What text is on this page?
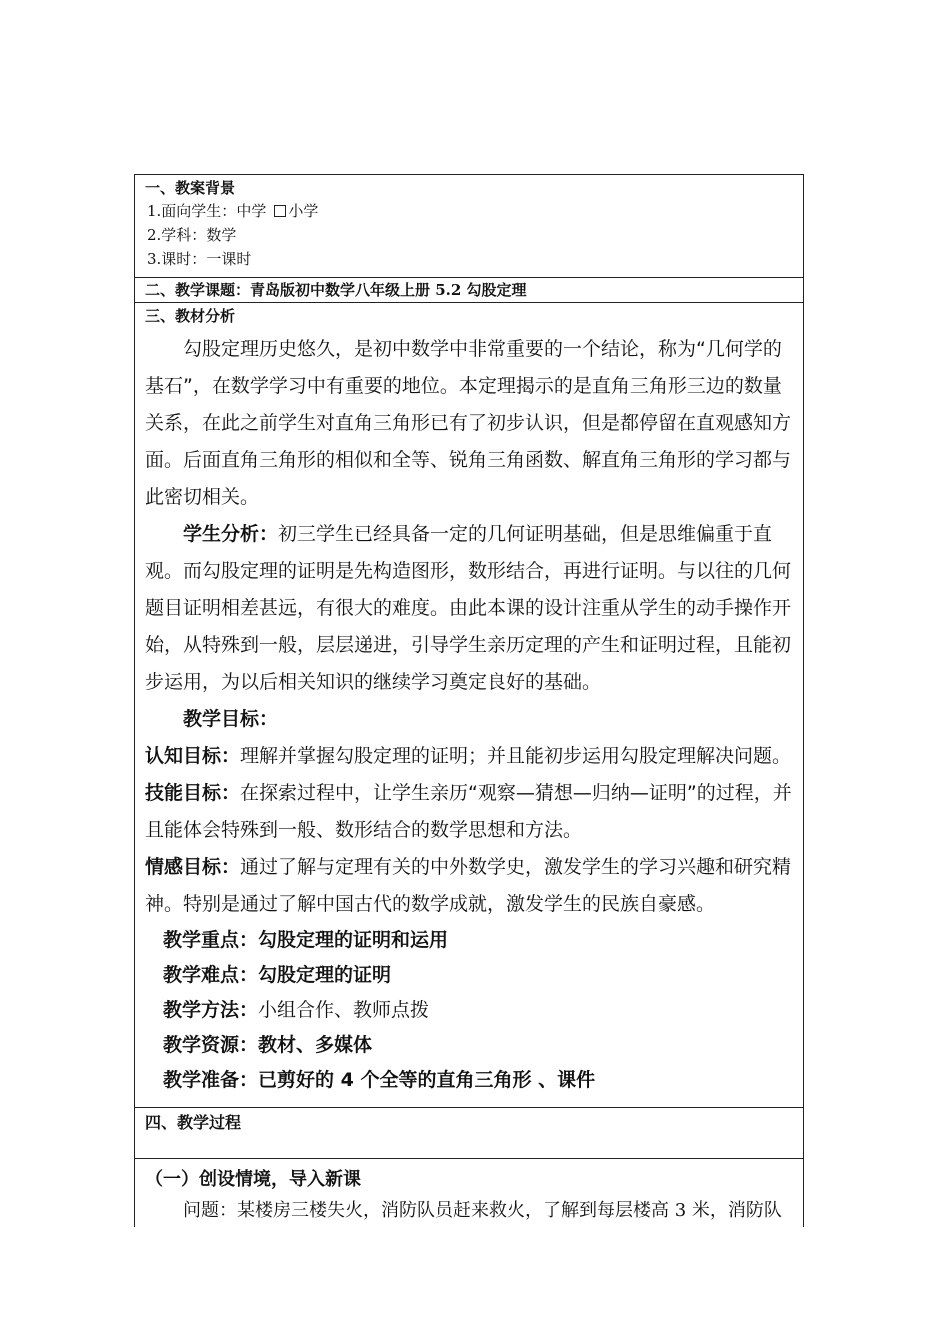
一、教案背景
1.面向学生：中学 小学
2.学科：数学
3.课时：一课时

二、教学课题：青岛版初中数学八年级上册 5.2 勾股定理

三、教材分析

勾股定理历史悠久，是初中数学中非常重要的一个结论，称为“几何学的基石”，在数学学习中有重要的地位。本定理揭示的是直角三角形三边的数量关系，在此之前学生对直角三角形已有了初步认识，但是都停留在直观感知方面。后面直角三角形的相似和全等、锐角三角函数、解直角三角形的学习都与此密切相关。

学生分析：初三学生已经具备一定的几何证明基础，但是思维偏重于直观。而勾股定理的证明是先构造图形，数形结合，再进行证明。与以往的几何题目证明相差甚远，有很大的难度。由此本课的设计注重从学生的动手操作开始，从特殊到一般，层层递进，引导学生亲历定理的产生和证明过程，且能初步运用，为以后相关知识的继续学习奠定良好的基础。

教学目标：

认知目标：理解并掌握勾股定理的证明；并且能初步运用勾股定理解决问题。

技能目标：在探索过程中，让学生亲历“观察—猜想—归纳—证明”的过程，并且能体会特殊到一般、数形结合的数学思想和方法。

情感目标：通过了解与定理有关的中外数学史，激发学生的学习兴趣和研究精神。特别是通过了解中国古代的数学成就，激发学生的民族自豪感。

教学重点：勾股定理的证明和运用

教学难点：勾股定理的证明

教学方法：小组合作、教师点拨

教学资源：教材、多媒体

教学准备：已剪好的 4 个全等的直角三角形 、课件

四、教学过程

（一）创设情境，导入新课

问题：某楼房三楼失火，消防队员赶来救火，了解到每层楼高 3 米，消防队
